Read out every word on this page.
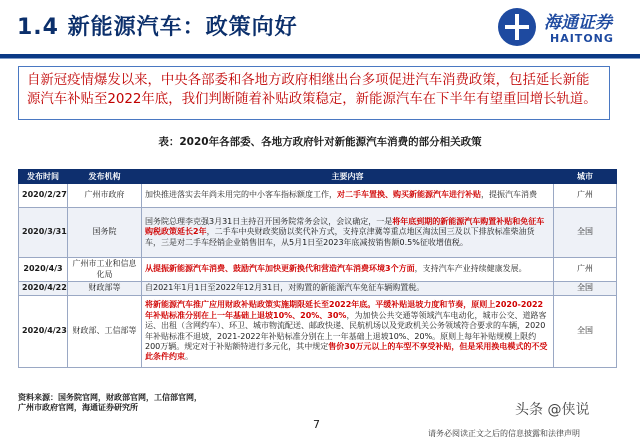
1.4 新能源汽车：政策向好	海通证券
HAITONG
自新冠疫情爆发以来，中央各部委和各地方政府相继出台多项促进汽车消费政策，包括延长新能源汽车补贴至2022年底，我们判断随着补贴政策稳定，新能源汽车在下半年有望重回增长轨道。
表：2020年各部委、各地方政府针对新能源汽车消费的部分相关政策
发布时间	发布机构	主要内容	城市
2020/2/27	广州市政府	加快推进落实去年尚未用完的中小客车指标额度工作，对二手车置换、购买新能源汽车进行补贴，提振汽车消费	广州
2020/3/31	国务院	国务院总理李克强3月31日主持召开国务院常务会议，会议确定，一是将年底到期的新能源汽车购置补贴和免征车购税政策延长2年，二手车中央财政奖励以奖代补方式，支持京津冀等重点地区淘汰国三及以下排放标准柴油货车，三是对二手车经销企业销售旧车，从5月1日至2023年底减按销售额0.5%征收增值税。	全国
2020/4/3	广州市工业和信息化局	从提振新能源汽车消费、鼓励汽车加快更新换代和营造汽车消费环境3个方面，支持汽车产业持续健康发展。	广州
2020/4/22	财政部等	自2021年1月1日至2022年12月31日，对购置的新能源汽车免征车辆购置税。	全国
2020/4/23	财政部、工信部等	将新能源汽车推广应用财政补贴政策实施期限延长至2022年底。平缓补贴退坡力度和节奏，原则上2020-2022年补贴标准分别在上一年基础上退坡10%、20%、30%，为加快公共交通等领域汽车电动化，城市公交、道路客运、出租（含网约车）、环卫、城市物流配送、邮政快递、民航机场以及党政机关公务领域符合要求的车辆，2020年补贴标准不退坡，2021-2022年补贴标准分别在上一年基础上退坡10%、20%。原则上每年补贴规模上限约200万辆。规定对于补贴额特进行多元化，其中规定售价30万元以上的车型不享受补贴，但是采用换电模式的不受此条件约束。	全国
资料来源：国务院官网，财政部官网，工信部官网，
广州市政府官网，海通证券研究所	头条 @侠说
7
请务必阅读正文之后的信息披露和法律声明
